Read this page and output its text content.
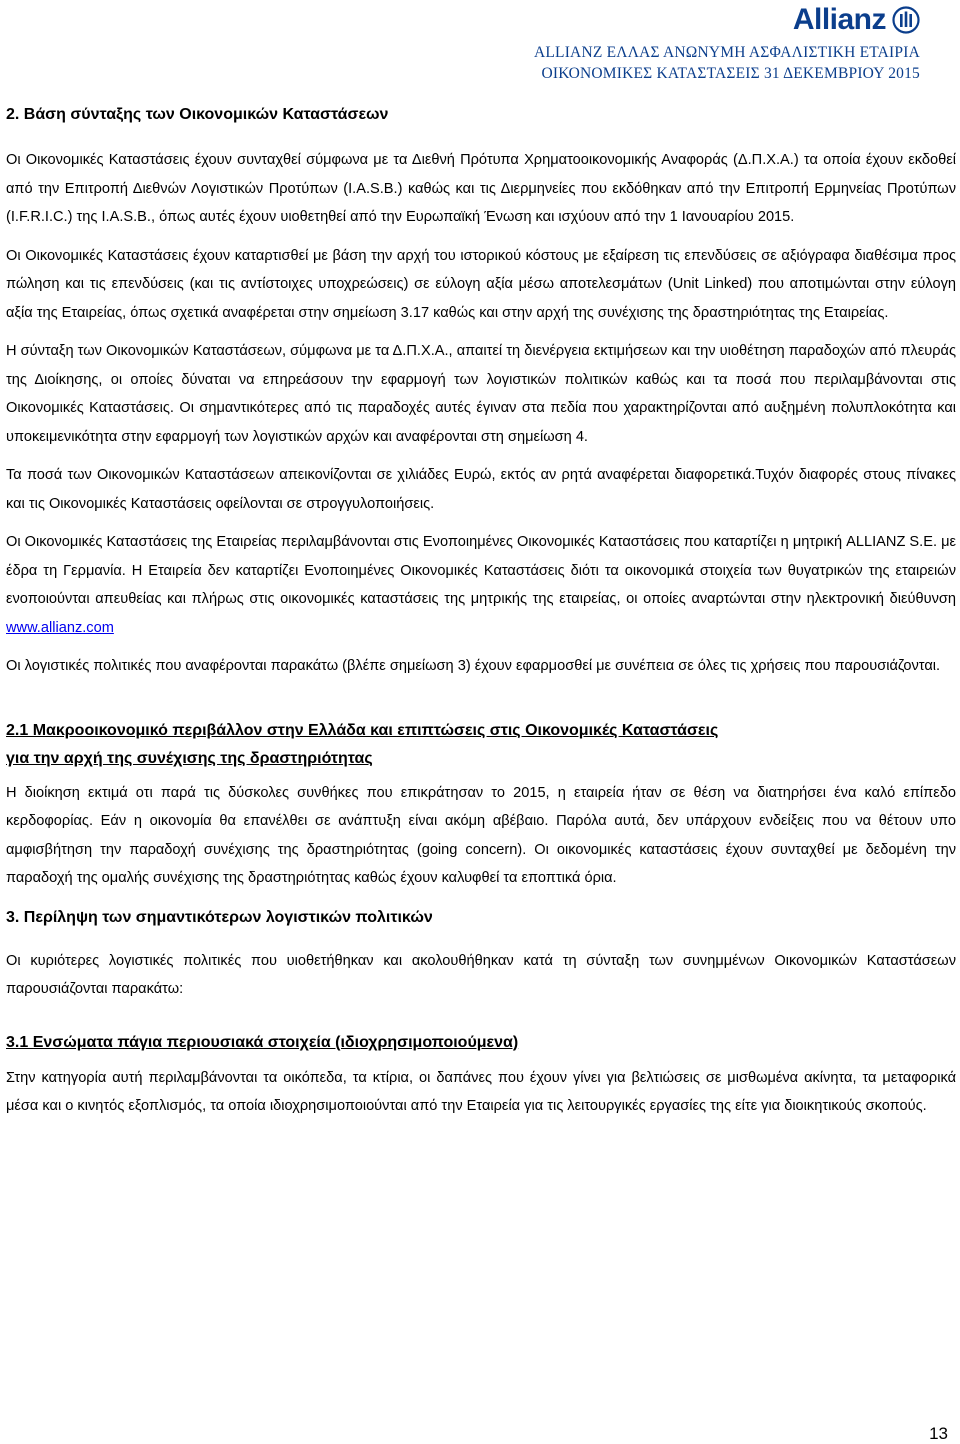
Allianz
ALLIANZ ΕΛΛΑΣ ΑΝΩΝΥΜΗ ΑΣΦΑΛΙΣΤΙΚΗ ΕΤΑΙΡΙΑ
ΟΙΚΟΝΟΜΙΚΕΣ ΚΑΤΑΣΤΑΣΕΙΣ 31 ΔΕΚΕΜΒΡΙΟΥ 2015
2. Βάση σύνταξης των Οικονομικών Καταστάσεων

Οι Οικονομικές Καταστάσεις έχουν συνταχθεί σύμφωνα με τα Διεθνή Πρότυπα Χρηματοοικονομικής Αναφοράς (Δ.Π.Χ.Α.) τα οποία έχουν εκδοθεί από την Επιτροπή Διεθνών Λογιστικών Προτύπων (I.A.S.B.) καθώς και τις Διερμηνείες που εκδόθηκαν από την Επιτροπή Ερμηνείας Προτύπων (I.F.R.I.C.) της I.A.S.B., όπως αυτές έχουν υιοθετηθεί από την Ευρωπαϊκή Ένωση και ισχύουν από την 1 Ιανουαρίου 2015.

Οι Οικονομικές Καταστάσεις έχουν καταρτισθεί με βάση την αρχή του ιστορικού κόστους με εξαίρεση τις επενδύσεις σε αξιόγραφα διαθέσιμα προς πώληση και τις επενδύσεις (και τις αντίστοιχες υποχρεώσεις) σε εύλογη αξία μέσω αποτελεσμάτων (Unit Linked) που αποτιμώνται στην εύλογη αξία της Εταιρείας, όπως σχετικά αναφέρεται στην σημείωση 3.17 καθώς και στην αρχή της συνέχισης της δραστηριότητας της Εταιρείας.

Η σύνταξη των Οικονομικών Καταστάσεων, σύμφωνα με τα Δ.Π.Χ.Α., απαιτεί τη διενέργεια εκτιμήσεων και την υιοθέτηση παραδοχών από πλευράς της Διοίκησης, οι οποίες δύναται να επηρεάσουν την εφαρμογή των λογιστικών πολιτικών καθώς και τα ποσά που περιλαμβάνονται στις Οικονομικές Καταστάσεις. Οι σημαντικότερες από τις παραδοχές αυτές έγιναν στα πεδία που χαρακτηρίζονται από αυξημένη πολυπλοκότητα και υποκειμενικότητα στην εφαρμογή των λογιστικών αρχών και αναφέρονται στη σημείωση 4.

Τα ποσά των Οικονομικών Καταστάσεων απεικονίζονται σε χιλιάδες Ευρώ, εκτός αν ρητά αναφέρεται διαφορετικά.Τυχόν διαφορές στους πίνακες και τις Οικονομικές Καταστάσεις οφείλονται σε στρογγυλοποιήσεις.

Οι Οικονομικές Καταστάσεις της Εταιρείας περιλαμβάνονται στις Ενοποιημένες Οικονομικές Καταστάσεις που καταρτίζει η μητρική ALLIANZ S.E. με έδρα τη Γερμανία. Η Εταιρεία δεν καταρτίζει Ενοποιημένες Οικονομικές Καταστάσεις διότι τα οικονομικά στοιχεία των θυγατρικών της εταιρειών ενοποιούνται απευθείας και πλήρως στις οικονομικές καταστάσεις της μητρικής της εταιρείας, οι οποίες αναρτώνται στην ηλεκτρονική διεύθυνση www.allianz.com

Οι λογιστικές πολιτικές που αναφέρονται παρακάτω (βλέπε σημείωση 3) έχουν εφαρμοσθεί με συνέπεια σε όλες τις χρήσεις που παρουσιάζονται.

2.1 Μακροοικονομικό περιβάλλον στην Ελλάδα και επιπτώσεις στις Οικονομικές Καταστάσεις
για την αρχή της συνέχισης της δραστηριότητας

Η διοίκηση εκτιμά οτι παρά τις δύσκολες συνθήκες που επικράτησαν το 2015, η εταιρεία ήταν σε θέση να διατηρήσει ένα καλό επίπεδο κερδοφορίας. Εάν η οικονομία θα επανέλθει σε ανάπτυξη είναι ακόμη αβέβαιο. Παρόλα αυτά, δεν υπάρχουν ενδείξεις που να θέτουν υπο αμφισβήτηση την παραδοχή συνέχισης της δραστηριότητας (going concern). Οι οικονομικές καταστάσεις έχουν συνταχθεί με δεδομένη την παραδοχή της ομαλής συνέχισης της δραστηριότητας καθώς έχουν καλυφθεί τα εποπτικά όρια.

3. Περίληψη των σημαντικότερων λογιστικών πολιτικών

Οι κυριότερες λογιστικές πολιτικές που υιοθετήθηκαν και ακολουθήθηκαν κατά τη σύνταξη των συνημμένων Οικονομικών Καταστάσεων παρουσιάζονται παρακάτω:

3.1 Ενσώματα πάγια περιουσιακά στοιχεία (ιδιοχρησιμοποιούμενα)

Στην κατηγορία αυτή περιλαμβάνονται τα οικόπεδα, τα κτίρια, οι δαπάνες που έχουν γίνει για βελτιώσεις σε μισθωμένα ακίνητα, τα μεταφορικά μέσα και ο κινητός εξοπλισμός, τα οποία ιδιοχρησιμοποιούνται από την Εταιρεία για τις λειτουργικές εργασίες της είτε για διοικητικούς σκοπούς.

13
